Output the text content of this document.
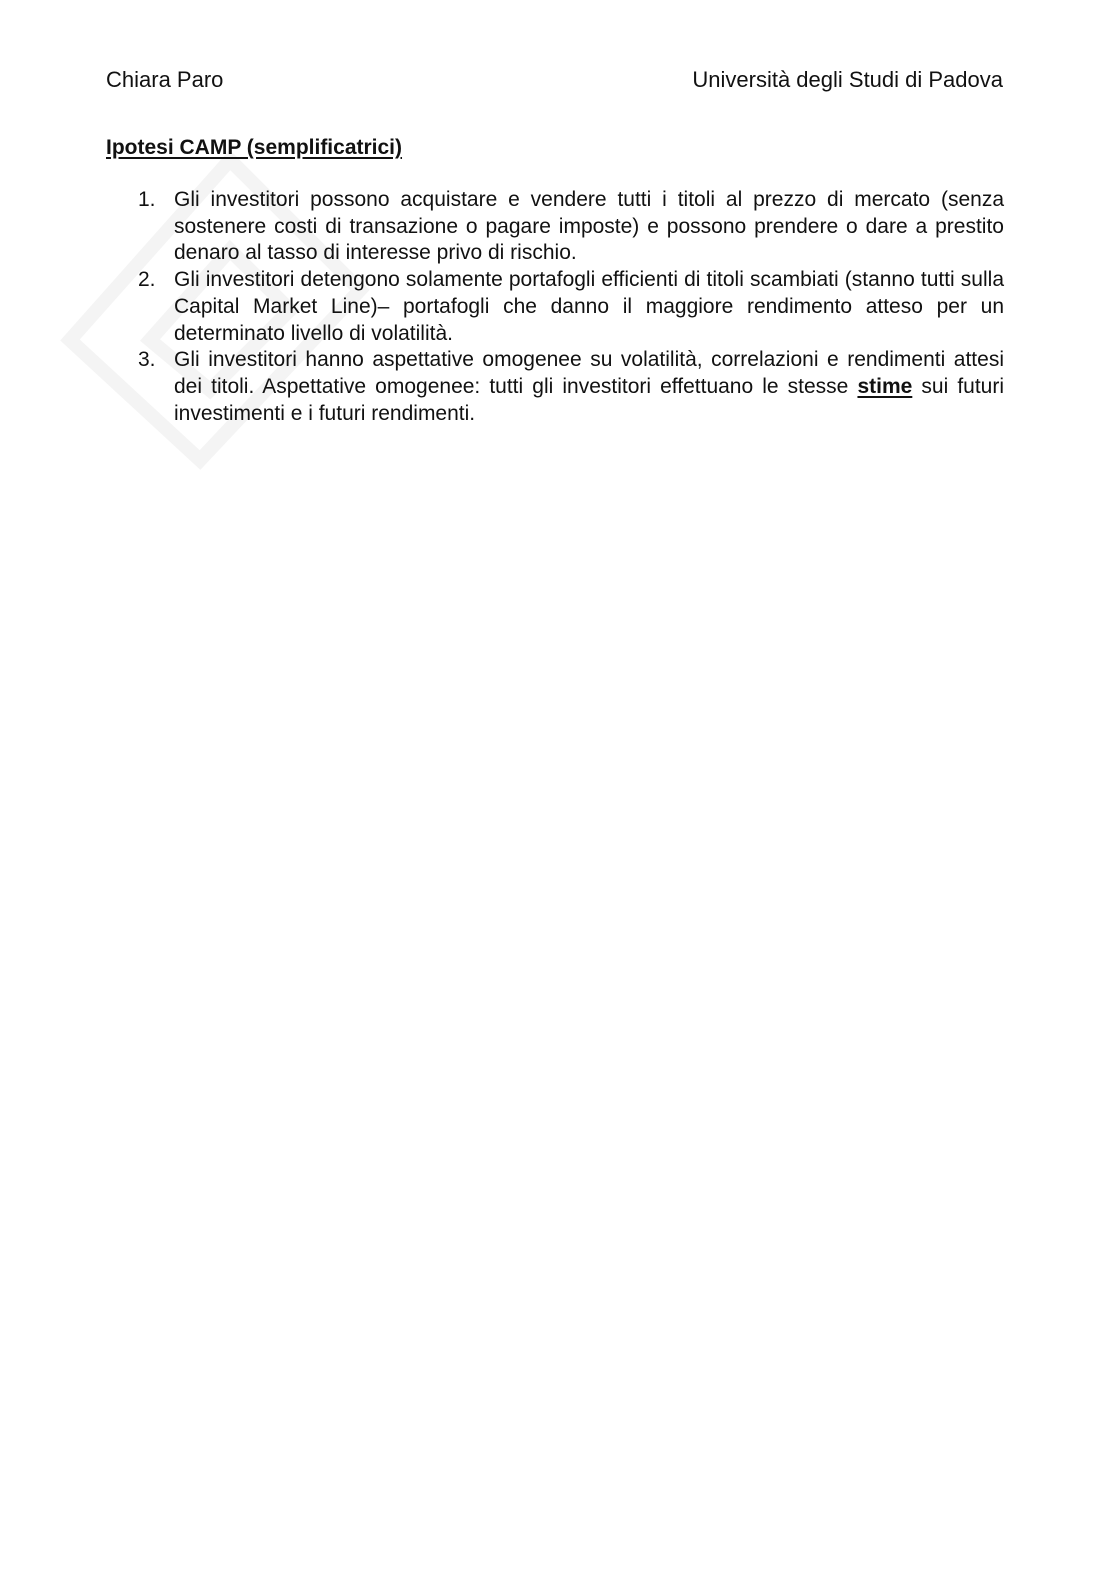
Chiara Paro	Università degli Studi di Padova
Ipotesi CAMP (semplificatrici)
1. Gli investitori possono acquistare e vendere tutti i titoli al prezzo di mercato (senza sostenere costi di transazione o pagare imposte) e possono prendere o dare a prestito denaro al tasso di interesse privo di rischio.
2. Gli investitori detengono solamente portafogli efficienti di titoli scambiati (stanno tutti sulla Capital Market Line)– portafogli che danno il maggiore rendimento atteso per un determinato livello di volatilità.
3. Gli investitori hanno aspettative omogenee su volatilità, correlazioni e rendimenti attesi dei titoli. Aspettative omogenee: tutti gli investitori effettuano le stesse stime sui futuri investimenti e i futuri rendimenti.
